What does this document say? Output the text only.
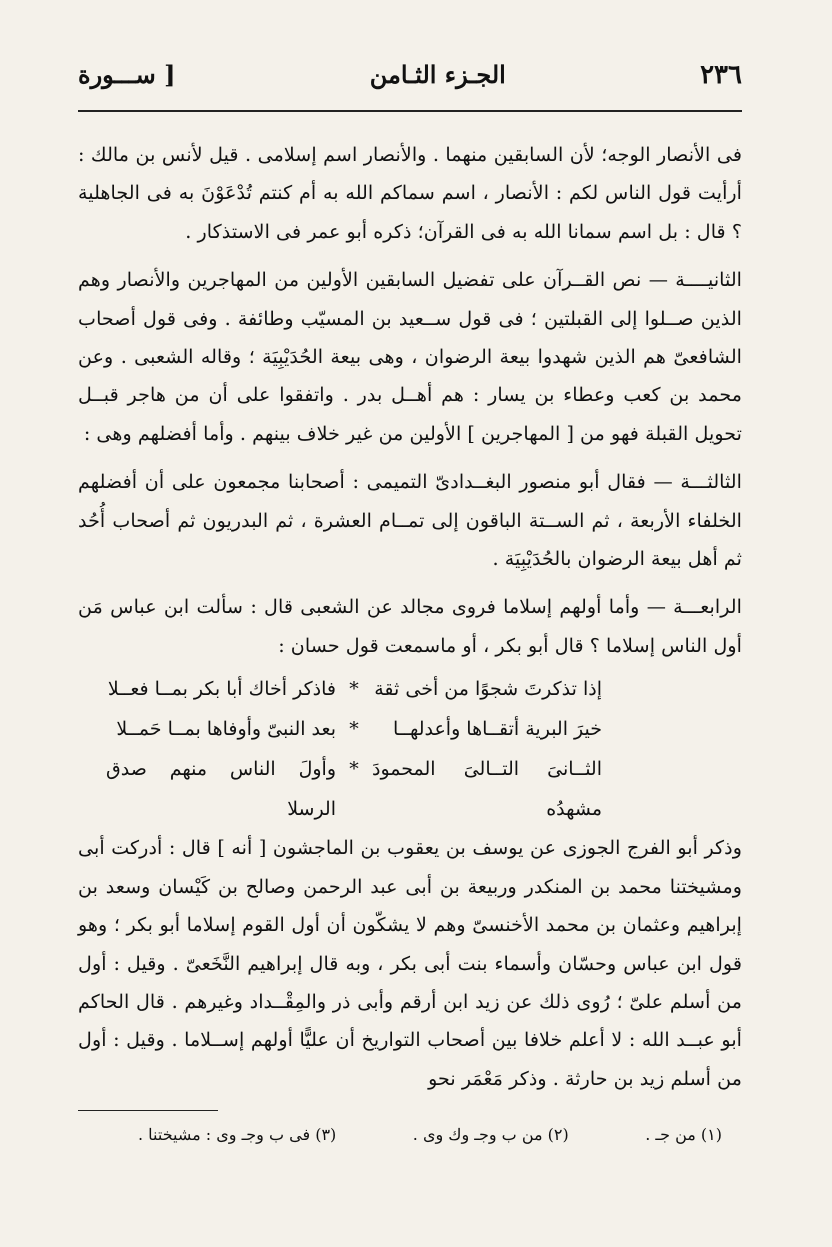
٢٣٦
الجـزء الثـامن
[ ســـورة

فى الأنصار الوجه؛ لأن السابقين منهما . والأنصار اسم إسلامى . قيل لأنس بن مالك : أرأيت قول الناس لكم : الأنصار ، اسم سماكم الله به أم كنتم تُدْعَوْنَ به فى الجاهلية ؟ قال : بل اسم سمانا الله به فى القرآن؛ ذكره أبو عمر فى الاستذكار .

الثانيــــة — نص القــرآن على تفضيل السابقين الأولين من المهاجرين والأنصار وهم الذين صــلوا إلى القبلتين ؛ فى قول ســعيد بن المسيّب وطائفة . وفى قول أصحاب الشافعىّ هم الذين شهدوا بيعة الرضوان ، وهى بيعة الحُدَيْبِيَة ؛ وقاله الشعبى . وعن محمد بن كعب وعطاء بن يسار : هم أهــل بدر . واتفقوا على أن من هاجر قبــل تحويل القبلة فهو من [ المهاجرين ] الأولين من غير خلاف بينهم . وأما أفضلهم وهى :

الثالثـــة — فقال أبو منصور البغــدادىّ التميمى : أصحابنا مجمعون على أن أفضلهم الخلفاء الأربعة ، ثم الســتة الباقون إلى تمــام العشرة ، ثم البدريون ثم أصحاب أُحُد ثم أهل بيعة الرضوان بالحُدَيْبِيَة .

الرابعـــة — وأما أولهم إسلاما فروى مجالد عن الشعبى قال : سألت ابن عباس مَن أول الناس إسلاما ؟ قال أبو بكر ، أو ماسمعت قول حسان :

إذا تذكرتَ شجوًا من أخى ثقة
*
فاذكر أخاك أبا بكر بمــا فعــلا
خيرَ البرية أتقــاها وأعدلهــا
*
بعد النبىّ وأوفاها بمــا حَمــلا
الثــانىَ التــالىَ المحمودَ مشهدُه
*
وأولَ الناس منهم صدق الرسلا

وذكر أبو الفرج الجوزى عن يوسف بن يعقوب بن الماجشون [ أنه ] قال : أدركت أبى ومشيختنا محمد بن المنكدر وربيعة بن أبى عبد الرحمن وصالح بن كَيْسان وسعد بن إبراهيم وعثمان بن محمد الأخنسىّ وهم لا يشكّون أن أول القوم إسلاما أبو بكر ؛ وهو قول ابن عباس وحسّان وأسماء بنت أبى بكر ، وبه قال إبراهيم النَّخَعىّ . وقيل : أول من أسلم علىّ ؛ رُوى ذلك عن زيد ابن أرقم وأبى ذر والمِقْــداد وغيرهم . قال الحاكم أبو عبــد الله : لا أعلم خلافا بين أصحاب التواريخ أن عليًّا أولهم إســلاما . وقيل : أول من أسلم زيد بن حارثة . وذكر مَعْمَر نحو

(١) من جـ .
(٢) من ب وجـ وك وى .
(٣) فى ب وجـ وى : مشيختنا .
